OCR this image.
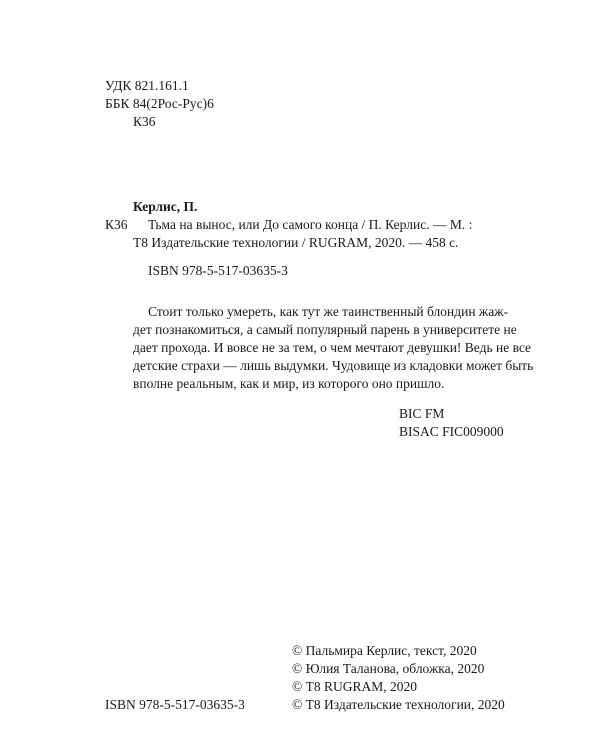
УДК 821.161.1
ББК 84(2Рос-Рус)6
К36
Керлис, П.
К36 Тьма на вынос, или До самого конца / П. Керлис. — М. :
Т8 Издательские технологии / RUGRAM, 2020. — 458 с.
ISBN 978-5-517-03635-3
Стоит только умереть, как тут же таинственный блондин жаж-
дет познакомиться, а самый популярный парень в университете не
дает прохода. И вовсе не за тем, о чем мечтают девушки! Ведь не все
детские страхи — лишь выдумки. Чудовище из кладовки может быть
вполне реальным, как и мир, из которого оно пришло.
BIC FM
BISAC FIC009000
© Пальмира Керлис, текст, 2020
© Юлия Таланова, обложка, 2020
© Т8 RUGRAM, 2020
© Т8 Издательские технологии, 2020
ISBN 978-5-517-03635-3
